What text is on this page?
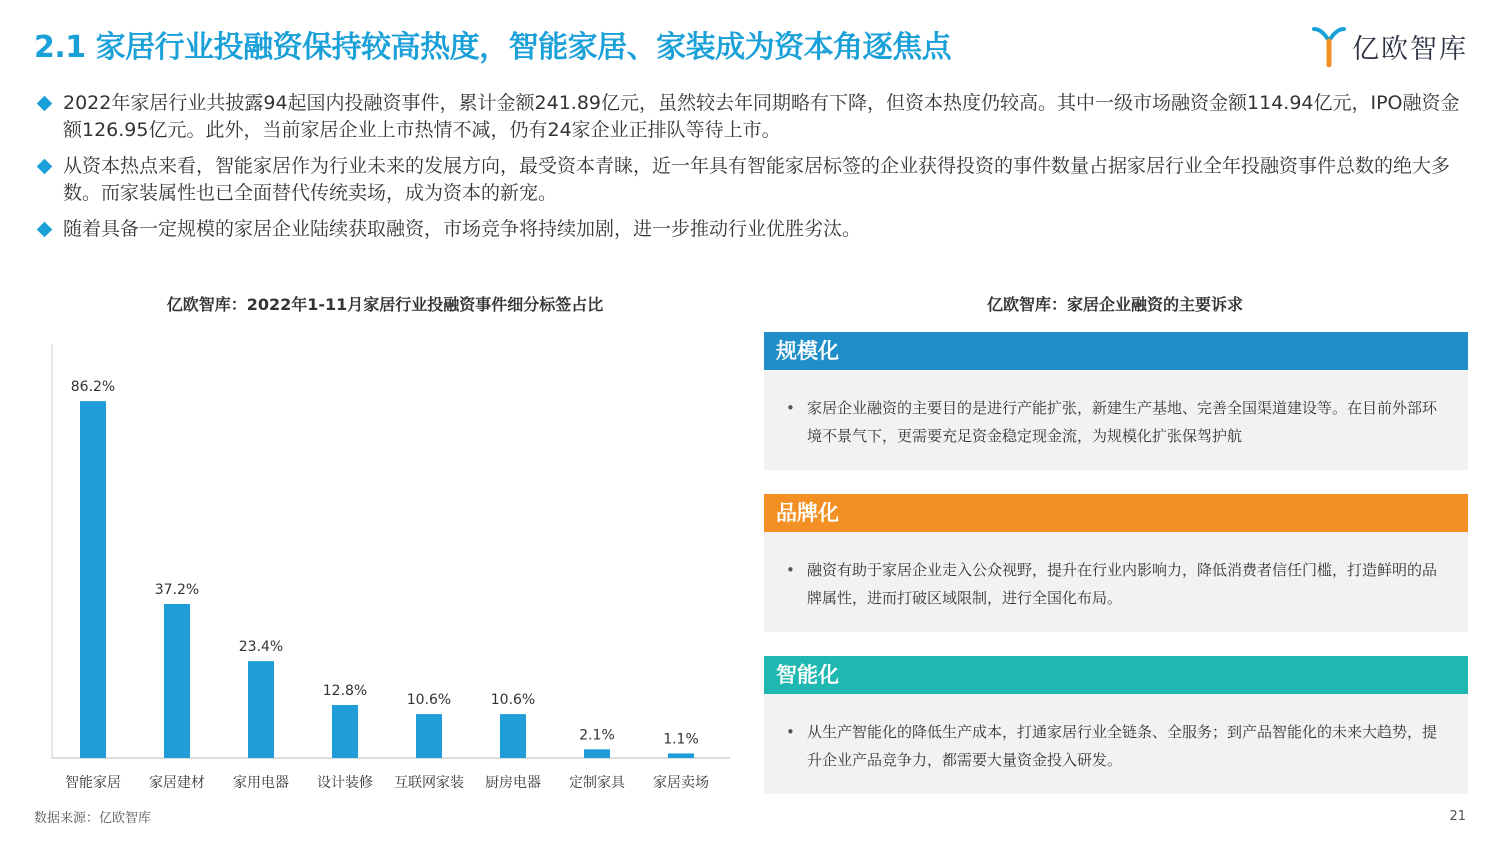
2.1 家居行业投融资保持较高热度，智能家居、家装成为资本角逐焦点	亿欧智库
2022年家居行业共披露94起国内投融资事件，累计金额241.89亿元，虽然较去年同期略有下降，但资本热度仍较高。其中一级市场融资金额114.94亿元，IPO融资金额126.95亿元。此外，当前家居企业上市热情不减，仍有24家企业正排队等待上市。
从资本热点来看，智能家居作为行业未来的发展方向，最受资本青睐，近一年具有智能家居标签的企业获得投资的事件数量占据家居行业全年投融资事件总数的绝大多数。而家装属性也已全面替代传统卖场，成为资本的新宠。
随着具备一定规模的家居企业陆续获取融资，市场竞争将持续加剧，进一步推动行业优胜劣汰。
亿欧智库：2022年1-11月家居行业投融资事件细分标签占比
86.2%
智能家居
37.2%
家居建材
23.4%
家用电器
12.8%
设计装修
10.6%
互联网家装
10.6%
厨房电器
2.1%
定制家具
1.1%
家居卖场
亿欧智库：家居企业融资的主要诉求
规模化
• 家居企业融资的主要目的是进行产能扩张，新建生产基地、完善全国渠道建设等。在目前外部环境不景气下，更需要充足资金稳定现金流，为规模化扩张保驾护航
品牌化
• 融资有助于家居企业走入公众视野，提升在行业内影响力，降低消费者信任门槛，打造鲜明的品牌属性，进而打破区域限制，进行全国化布局。
智能化
• 从生产智能化的降低生产成本，打通家居行业全链条、全服务；到产品智能化的未来大趋势，提升企业产品竞争力，都需要大量资金投入研发。
数据来源：亿欧智库	21
